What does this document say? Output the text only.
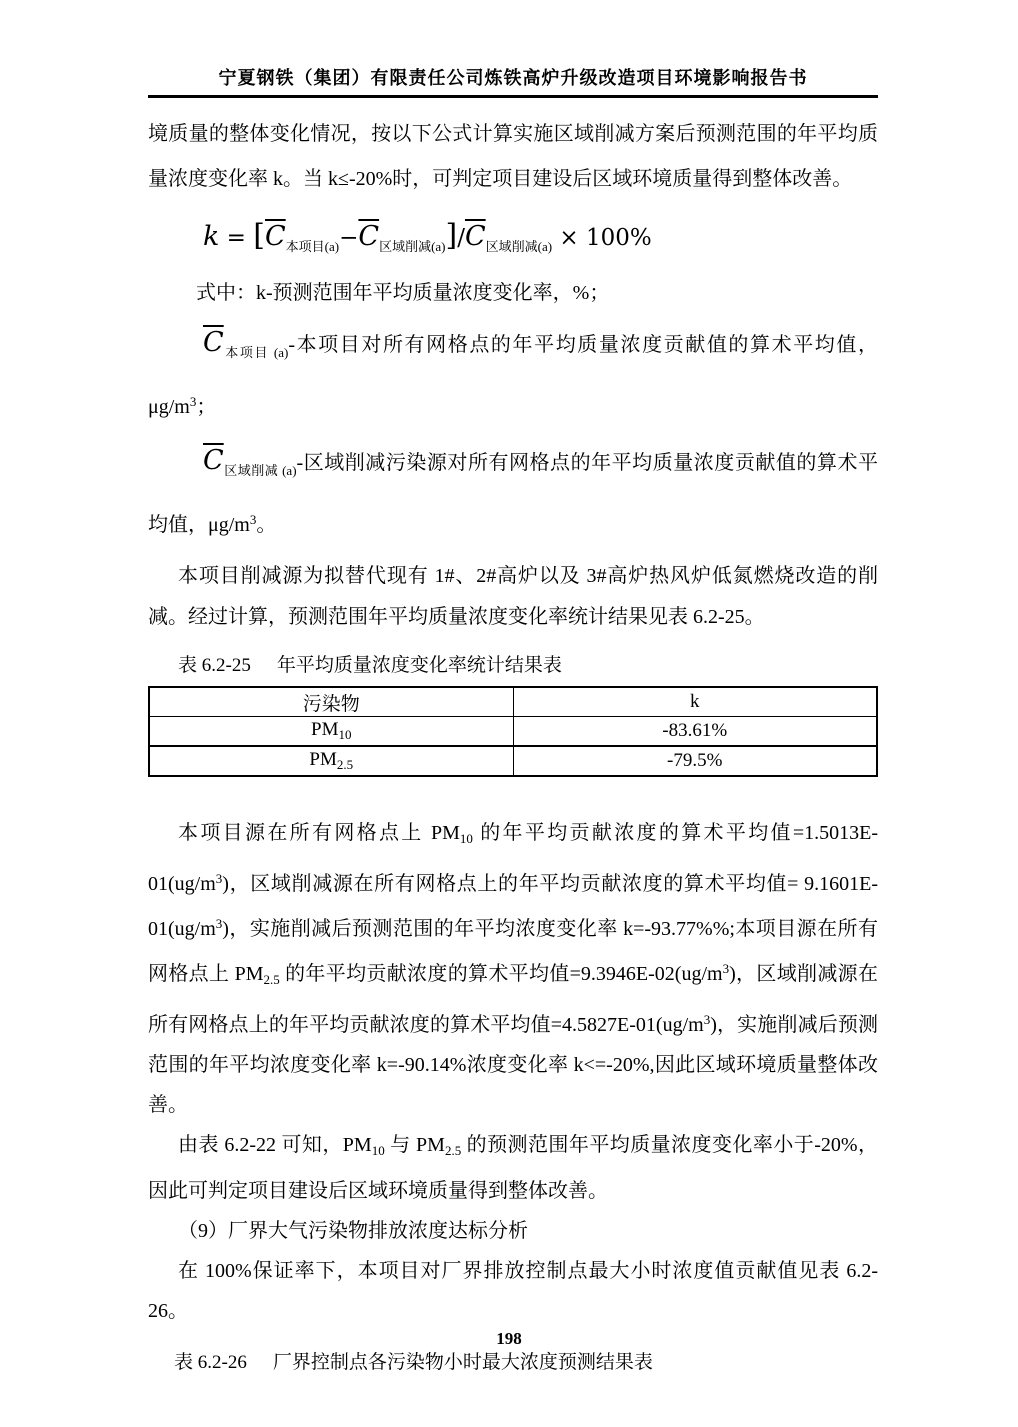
宁夏钢铁（集团）有限责任公司炼铁高炉升级改造项目环境影响报告书

境质量的整体变化情况，按以下公式计算实施区域削减方案后预测范围的年平均质量浓度变化率 k。当 k≤-20%时，可判定项目建设后区域环境质量得到整体改善。

$k = [\overline{C}_{本项目(a)}-\overline{C}_{区域削减(a)}]/\overline{C}_{区域削减(a)} \times 100\%$

式中：k-预测范围年平均质量浓度变化率，%；

$\overline{C}_{本项目 (a)}-$本项目对所有网格点的年平均质量浓度贡献值的算术平均值，$\mu g/m^3$；

$\overline{C}_{区域削减 (a)}-$区域削减污染源对所有网格点的年平均质量浓度贡献值的算术平均值，$\mu g/m^3$。

本项目削减源为拟替代现有 1#、2#高炉以及 3#高炉热风炉低氮燃烧改造的削减。经过计算，预测范围年平均质量浓度变化率统计结果见表 6.2-25。

表 6.2-25 年平均质量浓度变化率统计结果表
污染物	k
$PM_{10}$	-83.61%
$PM_{2.5}$	-79.5%

本项目源在所有网格点上 $PM_{10}$ 的年平均贡献浓度的算术平均值$=1.5013E-01(ug/m^3)$，区域削减源在所有网格点上的年平均贡献浓度的算术平均值= $9.1601E-01(ug/m^3)$，实施削减后预测范围的年平均浓度变化率 k=-93.77%%;本项目源在所有网格点上 $PM_{2.5}$ 的年平均贡献浓度的算术平均值$=9.3946E-02(ug/m^3)$，区域削减源在所有网格点上的年平均贡献浓度的算术平均值$=4.5827E-01(ug/m^3)$，实施削减后预测范围的年平均浓度变化率 k=-90.14%浓度变化率 k<=-20%,因此区域环境质量整体改善。

由表 6.2-22 可知，$PM_{10}$ 与 $PM_{2.5}$ 的预测范围年平均质量浓度变化率小于-20%，因此可判定项目建设后区域环境质量得到整体改善。

（9）厂界大气污染物排放浓度达标分析

在 100%保证率下，本项目对厂界排放控制点最大小时浓度值贡献值见表 6.2-26。

表 6.2-26 厂界控制点各污染物小时最大浓度预测结果表
198
